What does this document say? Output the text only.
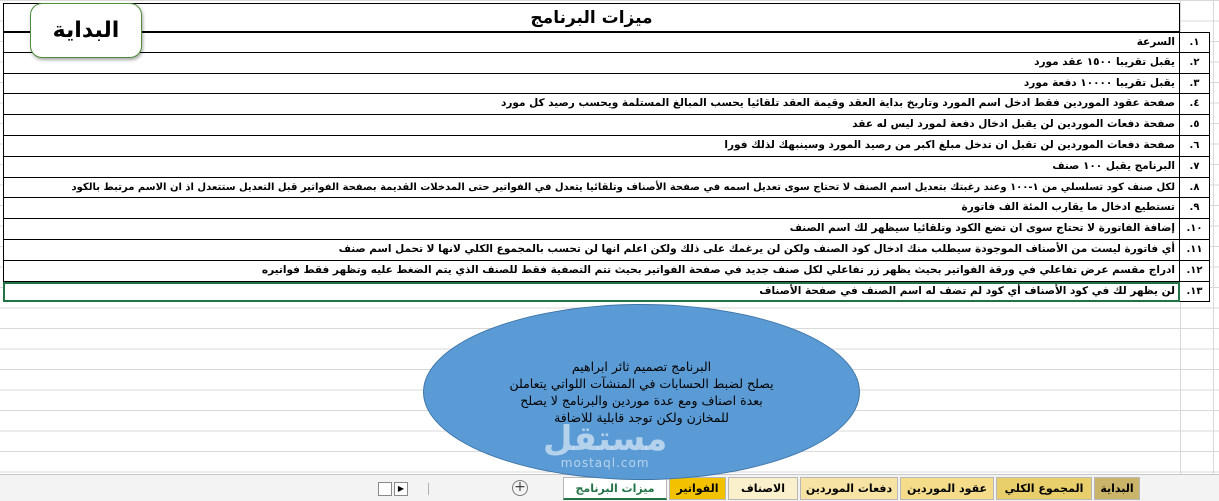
ميزات البرنامج
السرعة	١.
يقبل تقريبا ١٥٠٠ عقد مورد	٢.
يقبل تقريبا ١٠٠٠٠ دفعة مورد	٣.
صفحة عقود الموردين فقط ادخل اسم المورد وتاريخ بداية العقد وقيمة العقد تلقائيا يحسب المبالغ المستلمة ويحسب رصيد كل مورد	٤.
صفحة دفعات الموردين لن يقبل ادخال دفعة لمورد ليس له عقد	٥.
صفحة دفعات الموردين لن تقبل ان تدخل مبلغ اكبر من رصيد المورد وسينبهك لذلك فورا	٦.
البرنامج يقبل ١٠٠ صنف	٧.
لكل صنف كود تسلسلي من ١-١٠٠ وعند رغبتك بتعديل اسم الصنف لا تحتاج سوى تعديل اسمه في صفحة الأصناف وتلقائيا يتعدل في الفواتير حتى المدخلات القديمة بصفحة الفواتير قبل التعديل ستتعدل اذ ان الاسم مرتبط بالكود	٨.
تستطيع ادخال ما يقارب المئة الف فاتورة	٩.
إضافة الفاتورة لا تحتاج سوى ان تضع الكود وتلقائيا سيظهر لك اسم الصنف	١٠.
أي فاتورة ليست من الأصناف الموجودة سيطلب منك ادخال كود الصنف ولكن لن يرغمك على ذلك ولكن اعلم انها لن تحسب بالمجموع الكلي لانها لا تحمل اسم صنف	١١.
ادراج مقسم عرض تفاعلي في ورقة الفواتير بحيث يظهر زر تفاعلي لكل صنف جديد في صفحة الفواتير بحيث تتم التصفية فقط للصنف الذي يتم الضغط عليه وتظهر فقط فواتيره	١٢.
لن يظهر لك في كود الأصناف أي كود لم تضف له اسم الصنف في صفحة الأصناف	١٣.
البداية
البرنامج تصميم ثائر ابراهيم
يصلح لضبط الحسابات في المنشآت اللواتي يتعاملن
بعدة اصناف ومع عدة موردين والبرنامج لا يصلح
للمخازن ولكن توجد قابلية للاضافة
مستقل
mostaql.com
▶	+	البداية
المجموع الكلي
عقود الموردين
دفعات الموردين
الاصناف
الفواتير
ميزات البرنامج
